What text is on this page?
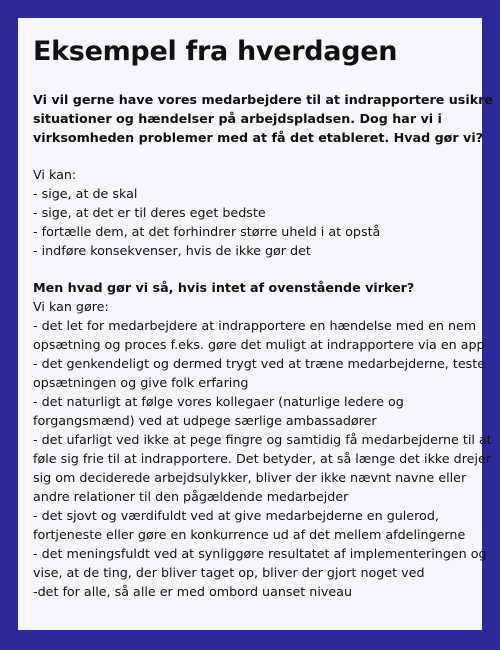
Eksempel fra hverdagen
Vi vil gerne have vores medarbejdere til at indrapportere usikre
situationer og hændelser på arbejdspladsen. Dog har vi i
virksomheden problemer med at få det etableret. Hvad gør vi?
Vi kan:
- sige, at de skal
- sige, at det er til deres eget bedste
- fortælle dem, at det forhindrer større uheld i at opstå
- indføre konsekvenser, hvis de ikke gør det
Men hvad gør vi så, hvis intet af ovenstående virker?
Vi kan gøre:
- det let for medarbejdere at indrapportere en hændelse med en nem
opsætning og proces f.eks. gøre det muligt at indrapportere via en app
- det genkendeligt og dermed trygt ved at træne medarbejderne, teste
opsætningen og give folk erfaring
- det naturligt at følge vores kollegaer (naturlige ledere og
forgangsmænd) ved at udpege særlige ambassadører
- det ufarligt ved ikke at pege fingre og samtidig få medarbejderne til at
føle sig frie til at indrapportere. Det betyder, at så længe det ikke drejer
sig om deciderede arbejdsulykker, bliver der ikke nævnt navne eller
andre relationer til den pågældende medarbejder
- det sjovt og værdifuldt ved at give medarbejderne en gulerod,
fortjeneste eller gøre en konkurrence ud af det mellem afdelingerne
- det meningsfuldt ved at synliggøre resultatet af implementeringen og
vise, at de ting, der bliver taget op, bliver der gjort noget ved
-det for alle, så alle er med ombord uanset niveau
